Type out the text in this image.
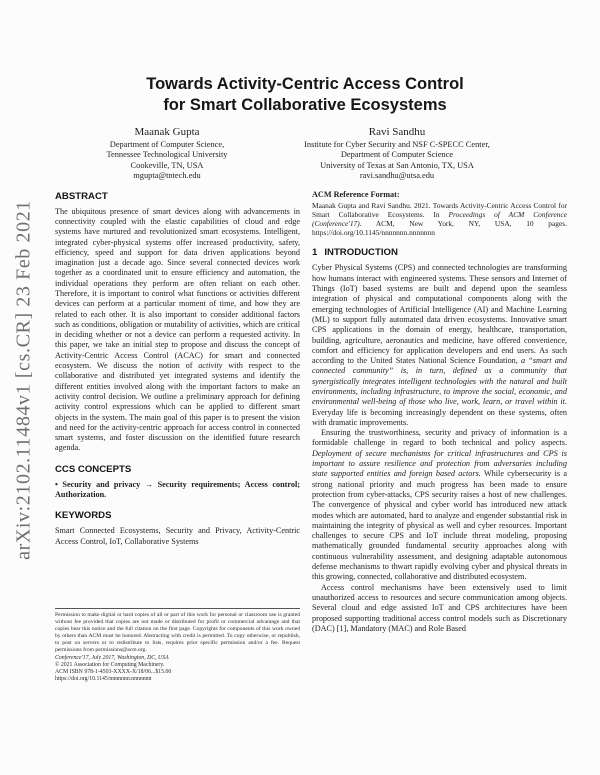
arXiv:2102.11484v1 [cs.CR] 23 Feb 2021
Towards Activity-Centric Access Control
for Smart Collaborative Ecosystems
Maanak Gupta
Department of Computer Science,
Tennessee Technological University
Cookeville, TN, USA
mgupta@tntech.edu
Ravi Sandhu
Institute for Cyber Security and NSF C-SPECC Center,
Department of Computer Science
University of Texas at San Antonio, TX, USA
ravi.sandhu@utsa.edu
ABSTRACT

The ubiquitous presence of smart devices along with advancements in connectivity coupled with the elastic capabilities of cloud and edge systems have nurtured and revolutionized smart ecosystems. Intelligent, integrated cyber-physical systems offer increased productivity, safety, efficiency, speed and support for data driven applications beyond imagination just a decade ago. Since several connected devices work together as a coordinated unit to ensure efficiency and automation, the individual operations they perform are often reliant on each other. Therefore, it is important to control what functions or activities different devices can perform at a particular moment of time, and how they are related to each other. It is also important to consider additional factors such as conditions, obligation or mutability of activities, which are critical in deciding whether or not a device can perform a requested activity. In this paper, we take an initial step to propose and discuss the concept of Activity-Centric Access Control (ACAC) for smart and connected ecosystem. We discuss the notion of activity with respect to the collaborative and distributed yet integrated systems and identify the different entities involved along with the important factors to make an activity control decision. We outline a preliminary approach for defining activity control expressions which can be applied to different smart objects in the system. The main goal of this paper is to present the vision and need for the activity-centric approach for access control in connected smart systems, and foster discussion on the identified future research agenda.

CCS CONCEPTS

• Security and privacy → Security requirements; Access control; Authorization.

KEYWORDS

Smart Connected Ecosystems, Security and Privacy, Activity-Centric Access Control, IoT, Collaborative Systems

Permission to make digital or hard copies of all or part of this work for personal or classroom use is granted without fee provided that copies are not made or distributed for profit or commercial advantage and that copies bear this notice and the full citation on the first page. Copyrights for components of this work owned by others than ACM must be honored. Abstracting with credit is permitted. To copy otherwise, or republish, to post on servers or to redistribute to lists, requires prior specific permission and/or a fee. Request permissions from permissions@acm.org.

Conference'17, July 2017, Washington, DC, USA

© 2021 Association for Computing Machinery.

ACM ISBN 978-1-4503-XXXX-X/18/06...$15.00

https://doi.org/10.1145/nnnnnnn.nnnnnnn

ACM Reference Format:

Maanak Gupta and Ravi Sandhu. 2021. Towards Activity-Centric Access Control for Smart Collaborative Ecosystems. In Proceedings of ACM Conference (Conference'17). ACM, New York, NY, USA, 10 pages. https://doi.org/10.1145/nnnnnnn.nnnnnnn

1 INTRODUCTION

Cyber Physical Systems (CPS) and connected technologies are transforming how humans interact with engineered systems. These sensors and Internet of Things (IoT) based systems are built and depend upon the seamless integration of physical and computational components along with the emerging technologies of Artificial Intelligence (AI) and Machine Learning (ML) to support fully automated data driven ecosystems. Innovative smart CPS applications in the domain of energy, healthcare, transportation, building, agriculture, aeronautics and medicine, have offered convenience, comfort and efficiency for application developers and end users. As such according to the United States National Science Foundation, a “smart and connected community” is, in turn, defined as a community that synergistically integrates intelligent technologies with the natural and built environments, including infrastructure, to improve the social, economic, and environmental well-being of those who live, work, learn, or travel within it. Everyday life is becoming increasingly dependent on these systems, often with dramatic improvements.

Ensuring the trustworthiness, security and privacy of information is a formidable challenge in regard to both technical and policy aspects. Deployment of secure mechanisms for critical infrastructures and CPS is important to assure resilience and protection from adversaries including state supported entities and foreign based actors. While cybersecurity is a strong national priority and much progress has been made to ensure protection from cyber-attacks, CPS security raises a host of new challenges. The convergence of physical and cyber world has introduced new attack modes which are automated, hard to analyze and engender substantial risk in maintaining the integrity of physical as well and cyber resources. Important challenges to secure CPS and IoT include threat modeling, proposing mathematically grounded fundamental security approaches along with continuous vulnerability assessment, and designing adaptable autonomous defense mechanisms to thwart rapidly evolving cyber and physical threats in this growing, connected, collaborative and distributed ecosystem.

Access control mechanisms have been extensively used to limit unauthorized access to resources and secure communication among objects. Several cloud and edge assisted IoT and CPS architectures have been proposed supporting traditional access control models such as Discretionary (DAC) [1], Mandatory (MAC) and Role Based
